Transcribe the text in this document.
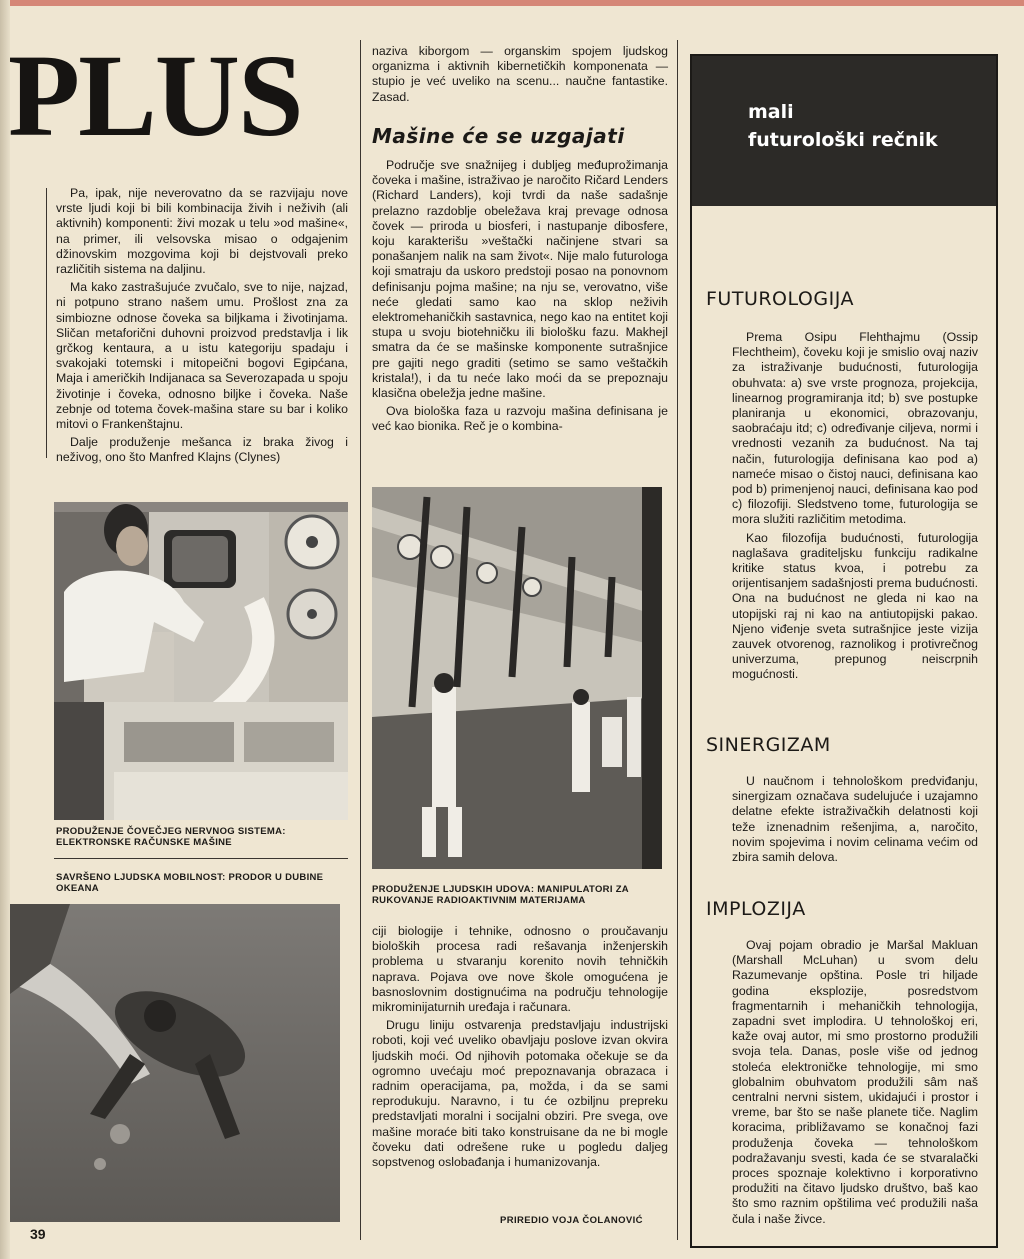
PLUS

Pa, ipak, nije neverovatno da se razvijaju nove vrste ljudi koji bi bili kombinacija živih i neživih (ali aktivnih) komponenti: živi mozak u telu »od mašine«, na primer, ili velsovska misao o odgajenim džinovskim mozgovima koji bi dejstvovali preko različitih sistema na daljinu.

Ma kako zastrašujuće zvučalo, sve to nije, najzad, ni potpuno strano našem umu. Prošlost zna za simbiozne odnose čoveka sa biljkama i životinjama. Sličan metaforični duhovni proizvod predstavlja i lik grčkog kentaura, a u istu kategoriju spadaju i svakojaki totemski i mitopeični bogovi Egipćana, Maja i američkih Indijanaca sa Severozapada u spoju životinje i čoveka, odnosno biljke i čoveka. Naše zebnje od totema čovek-mašina stare su bar i koliko mitovi o Frankenštajnu.

Dalje produženje mešanca iz braka živog i neživog, ono što Manfred Klajns (Clynes)

PRODUŽENJE ČOVEČJEG NERVNOG SISTEMA: ELEKTRONSKE RAČUNSKE MAŠINE
SAVRŠENO LJUDSKA MOBILNOST: PRODOR U DUBINE OKEANA

naziva kiborgom — organskim spojem ljudskog organizma i aktivnih kibernetičkih komponenata — stupio je već uveliko na scenu... naučne fantastike. Zasad.

Mašine će se uzgajati

Područje sve snažnijeg i dubljeg međuprožimanja čoveka i mašine, istraživao je naročito Ričard Lenders (Richard Landers), koji tvrdi da naše sadašnje prelazno razdoblje obeležava kraj prevage odnosa čovek — priroda u biosferi, i nastupanje dibosfere, koju karakterišu »veštački načinjene stvari sa ponašanjem nalik na sam život«. Nije malo futurologa koji smatraju da uskoro predstoji posao na ponovnom definisanju pojma mašine; na nju se, verovatno, više neće gledati samo kao na sklop neživih elektromehaničkih sastavnica, nego kao na entitet koji stupa u svoju biotehničku ili biološku fazu. Makhejl smatra da će se mašinske komponente sutrašnjice pre gajiti nego graditi (setimo se samo veštačkih kristala!), i da tu neće lako moći da se prepoznaju klasična obeležja jedne mašine.

Ova biološka faza u razvoju mašina definisana je već kao bionika. Reč je o kombina-

PRODUŽENJE LJUDSKIH UDOVA: MANIPULATORI ZA RUKOVANJE RADIOAKTIVNIM MATERIJAMA

ciji biologije i tehnike, odnosno o proučavanju bioloških procesa radi rešavanja inženjerskih problema u stvaranju korenito novih tehničkih naprava. Pojava ove nove škole omogućena je basnoslovnim dostignućima na području tehnologije mikrominijaturnih uređaja i računara.

Drugu liniju ostvarenja predstavljaju industrijski roboti, koji već uveliko obavljaju poslove izvan okvira ljudskih moći. Od njihovih potomaka očekuje se da ogromno uvećaju moć prepoznavanja obrazaca i radnim operacijama, pa, možda, i da se sami reprodukuju. Naravno, i tu će ozbiljnu prepreku predstavljati moralni i socijalni obziri. Pre svega, ove mašine moraće biti tako konstruisane da ne bi mogle čoveku dati odrešene ruke u pogledu daljeg sopstvenog oslobađanja i humanizovanja.

PRIREDIO VOJA ČOLANOVIĆ
39
mali
futurološki rečnik
FUTUROLOGIJA

Prema Osipu Flehthajmu (Ossip Flechtheim), čoveku koji je smislio ovaj naziv za istraživanje budućnosti, futurologija obuhvata: a) sve vrste prognoza, projekcija, linearnog programiranja itd; b) sve postupke planiranja u ekonomici, obrazovanju, saobraćaju itd; c) određivanje ciljeva, normi i vrednosti vezanih za budućnost. Na taj način, futurologija definisana kao pod a) nameće misao o čistoj nauci, definisana kao pod b) primenjenoj nauci, definisana kao pod c) filozofiji. Sledstveno tome, futurologija se mora služiti različitim metodima.

Kao filozofija budućnosti, futurologija naglašava graditeljsku funkciju radikalne kritike status kvoa, i potrebu za orijentisanjem sadašnjosti prema budućnosti. Ona na budućnost ne gleda ni kao na utopijski raj ni kao na antiutopijski pakao. Njeno viđenje sveta sutrašnjice jeste vizija zauvek otvorenog, raznolikog i protivrečnog univerzuma, prepunog neiscrpnih mogućnosti.

SINERGIZAM

U naučnom i tehnološkom predviđanju, sinergizam označava sudelujuće i uzajamno delatne efekte istraživačkih delatnosti koji teže iznenadnim rešenjima, a, naročito, novim spojevima i novim celinama većim od zbira samih delova.

IMPLOZIJA

Ovaj pojam obradio je Maršal Makluan (Marshall McLuhan) u svom delu Razumevanje opština. Posle tri hiljade godina eksplozije, posredstvom fragmentarnih i mehaničkih tehnologija, zapadni svet implodira. U tehnološkoj eri, kaže ovaj autor, mi smo prostorno produžili svoja tela. Danas, posle više od jednog stoleća elektroničke tehnologije, mi smo globalnim obuhvatom produžili sâm naš centralni nervni sistem, ukidajući i prostor i vreme, bar što se naše planete tiče. Naglim koracima, približavamo se konačnoj fazi produženja čoveka — tehnološkom podražavanju svesti, kada će se stvaralački proces spoznaje kolektivno i korporativno produžiti na čitavo ljudsko društvo, baš kao što smo raznim opštilima već produžili naša čula i naše živce.
